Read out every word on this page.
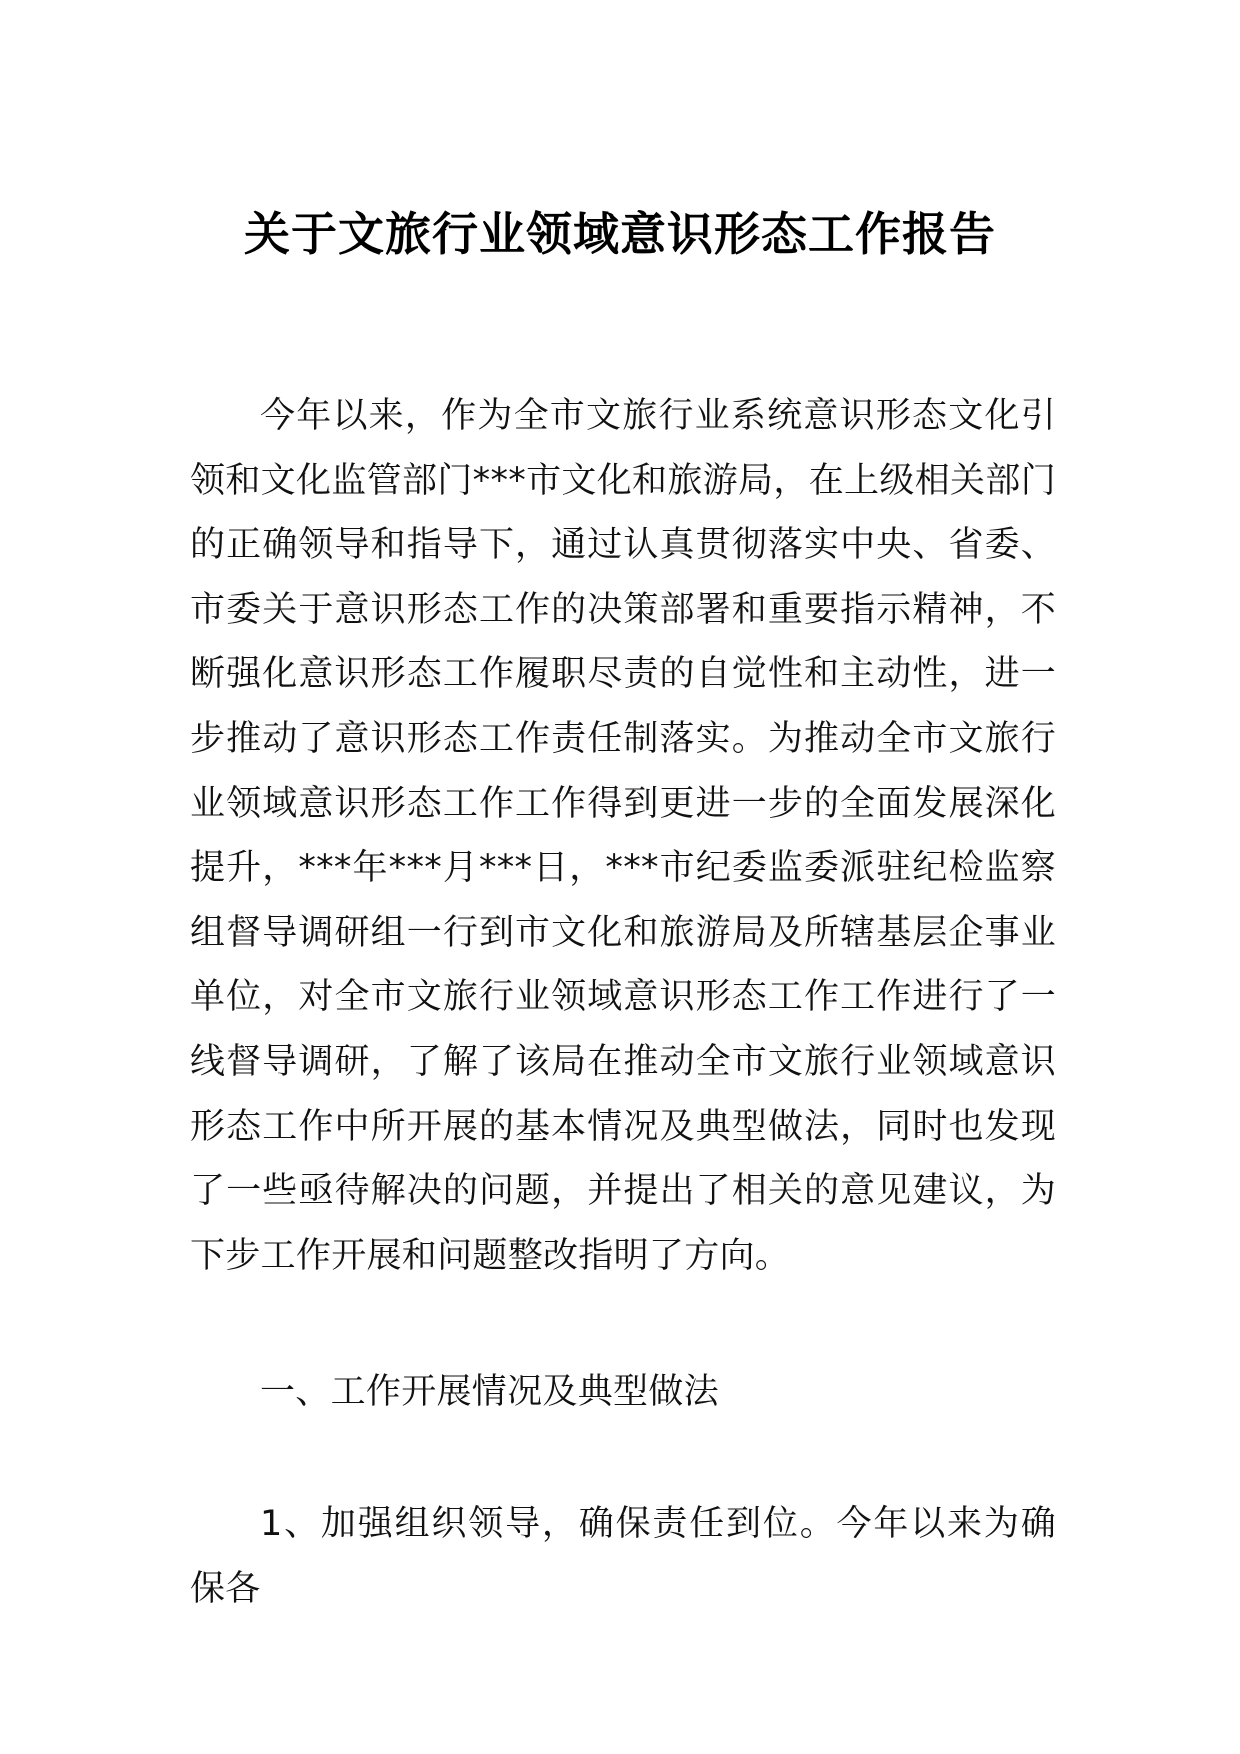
关于文旅行业领域意识形态工作报告

今年以来，作为全市文旅行业系统意识形态文化引领和文化监管部门***市文化和旅游局，在上级相关部门的正确领导和指导下，通过认真贯彻落实中央、省委、市委关于意识形态工作的决策部署和重要指示精神，不断强化意识形态工作履职尽责的自觉性和主动性，进一步推动了意识形态工作责任制落实。为推动全市文旅行业领域意识形态工作工作得到更进一步的全面发展深化提升，***年***月***日，***市纪委监委派驻纪检监察组督导调研组一行到市文化和旅游局及所辖基层企事业单位，对全市文旅行业领域意识形态工作工作进行了一线督导调研，了解了该局在推动全市文旅行业领域意识形态工作中所开展的基本情况及典型做法，同时也发现了一些亟待解决的问题，并提出了相关的意见建议，为下步工作开展和问题整改指明了方向。

一、工作开展情况及典型做法

1、加强组织领导，确保责任到位。今年以来为确保各
